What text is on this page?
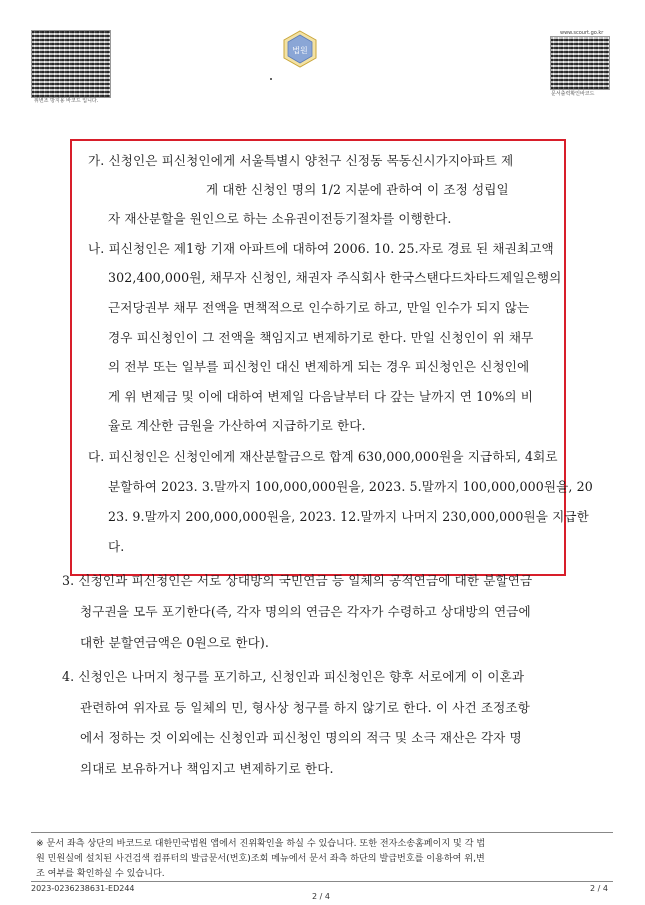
위변조 방지용 바코드 입니다.
www.scourt.go.kr
문서출력확인바코드
법원
가. 신청인은 피신청인에게 서울특별시 양천구 신정동 목동신시가지아파트 제
게 대한 신청인 명의 1/2 지분에 관하여 이 조정 성립일
자 재산분할을 원인으로 하는 소유권이전등기절차를 이행한다.
나. 피신청인은 제1항 기재 아파트에 대하여 2006. 10. 25.자로 경료 된 채권최고액
302,400,000원, 채무자 신청인, 채권자 주식회사 한국스탠다드차타드제일은행의
근저당권부 채무 전액을 면책적으로 인수하기로 하고, 만일 인수가 되지 않는
경우 피신청인이 그 전액을 책임지고 변제하기로 한다. 만일 신청인이 위 채무
의 전부 또는 일부를 피신청인 대신 변제하게 되는 경우 피신청인은 신청인에
게 위 변제금 및 이에 대하여 변제일 다음날부터 다 갚는 날까지 연 10%의 비
율로 계산한 금원을 가산하여 지급하기로 한다.
다. 피신청인은 신청인에게 재산분할금으로 합계 630,000,000원을 지급하되, 4회로
분할하여 2023. 3.말까지 100,000,000원을, 2023. 5.말까지 100,000,000원을, 20
23. 9.말까지 200,000,000원을, 2023. 12.말까지 나머지 230,000,000원을 지급한
다.
3. 신청인과 피신청인은 서로 상대방의 국민연금 등 일체의 공적연금에 대한 분할연금
청구권을 모두 포기한다(즉, 각자 명의의 연금은 각자가 수령하고 상대방의 연금에
대한 분할연금액은 0원으로 한다).
4. 신청인은 나머지 청구를 포기하고, 신청인과 피신청인은 향후 서로에게 이 이혼과
관련하여 위자료 등 일체의 민, 형사상 청구를 하지 않기로 한다. 이 사건 조정조항
에서 정하는 것 이외에는 신청인과 피신청인 명의의 적극 및 소극 재산은 각자 명
의대로 보유하거나 책임지고 변제하기로 한다.
※ 문서 좌측 상단의 바코드로 대한민국법원 앱에서 진위확인을 하실 수 있습니다. 또한 전자소송홈페이지 및 각 법
원 민원실에 설치된 사건검색 컴퓨터의 발급문서(번호)조회 메뉴에서 문서 좌측 하단의 발급번호를 이용하여 위,변
조 여부를 확인하실 수 있습니다.
2023-0236238631-ED244
2 / 4
2 / 4
